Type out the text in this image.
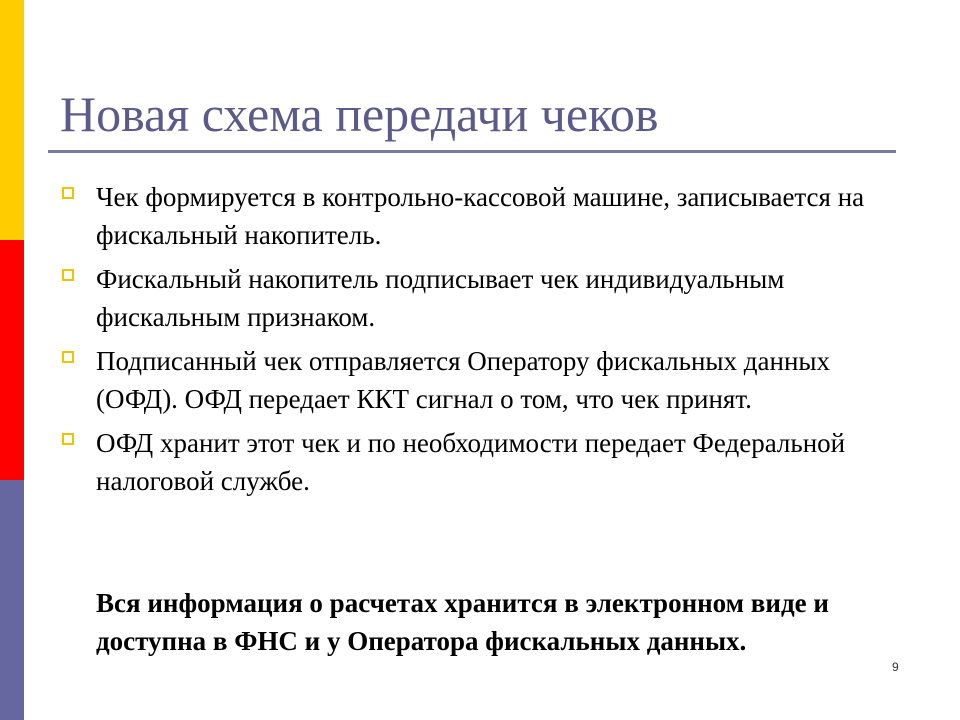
Новая схема передачи чеков
Чек формируется в контрольно-кассовой машине, записывается на фискальный накопитель.
Фискальный накопитель подписывает чек индивидуальным фискальным признаком.
Подписанный чек отправляется Оператору фискальных данных (ОФД). ОФД передает ККТ сигнал о том, что чек принят.
ОФД хранит этот чек и по необходимости передает Федеральной налоговой службе.
Вся информация о расчетах хранится в электронном виде и доступна в ФНС и у Оператора фискальных данных.
9
